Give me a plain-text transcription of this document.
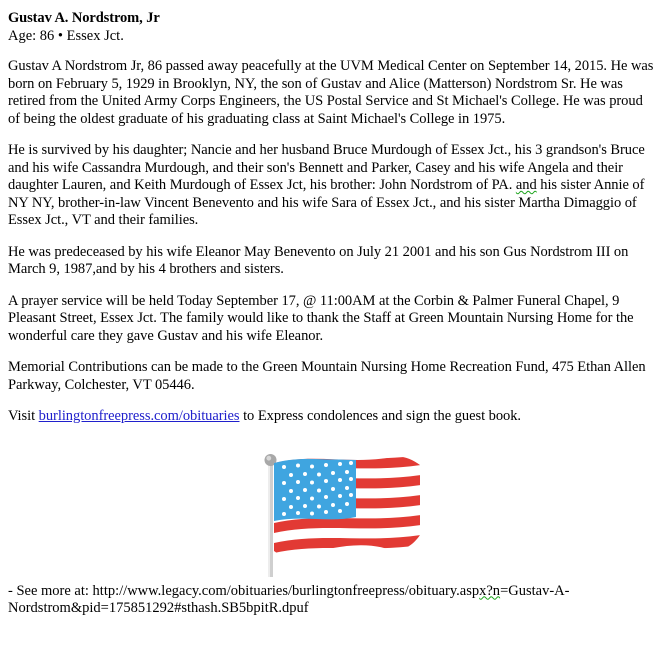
Gustav A. Nordstrom, Jr
Age: 86 • Essex Jct.

Gustav A Nordstrom Jr, 86 passed away peacefully at the UVM Medical Center on September 14, 2015. He was born on February 5, 1929 in Brooklyn, NY, the son of Gustav and Alice (Matterson) Nordstrom Sr. He was retired from the United Army Corps Engineers, the US Postal Service and St Michael's College. He was proud of being the oldest graduate of his graduating class at Saint Michael's College in 1975.

He is survived by his daughter; Nancie and her husband Bruce Murdough of Essex Jct., his 3 grandson's Bruce and his wife Cassandra Murdough, and their son's Bennett and Parker, Casey and his wife Angela and their daughter Lauren, and Keith Murdough of Essex Jct, his brother: John Nordstrom of PA. and his sister Annie of NY NY, brother-in-law Vincent Benevento and his wife Sara of Essex Jct., and his sister Martha Dimaggio of Essex Jct., VT and their families.

He was predeceased by his wife Eleanor May Benevento on July 21 2001 and his son Gus Nordstrom III on March 9, 1987,and by his 4 brothers and sisters.

A prayer service will be held Today September 17, @ 11:00AM at the Corbin & Palmer Funeral Chapel, 9 Pleasant Street, Essex Jct. The family would like to thank the Staff at Green Mountain Nursing Home for the wonderful care they gave Gustav and his wife Eleanor.

Memorial Contributions can be made to the Green Mountain Nursing Home Recreation Fund, 475 Ethan Allen Parkway, Colchester, VT 05446.

Visit burlingtonfreepress.com/obituaries to Express condolences and sign the guest book.

- See more at: http://www.legacy.com/obituaries/burlingtonfreepress/obituary.aspx?n=Gustav-A-Nordstrom&pid=175851292#sthash.SB5bpitR.dpuf
